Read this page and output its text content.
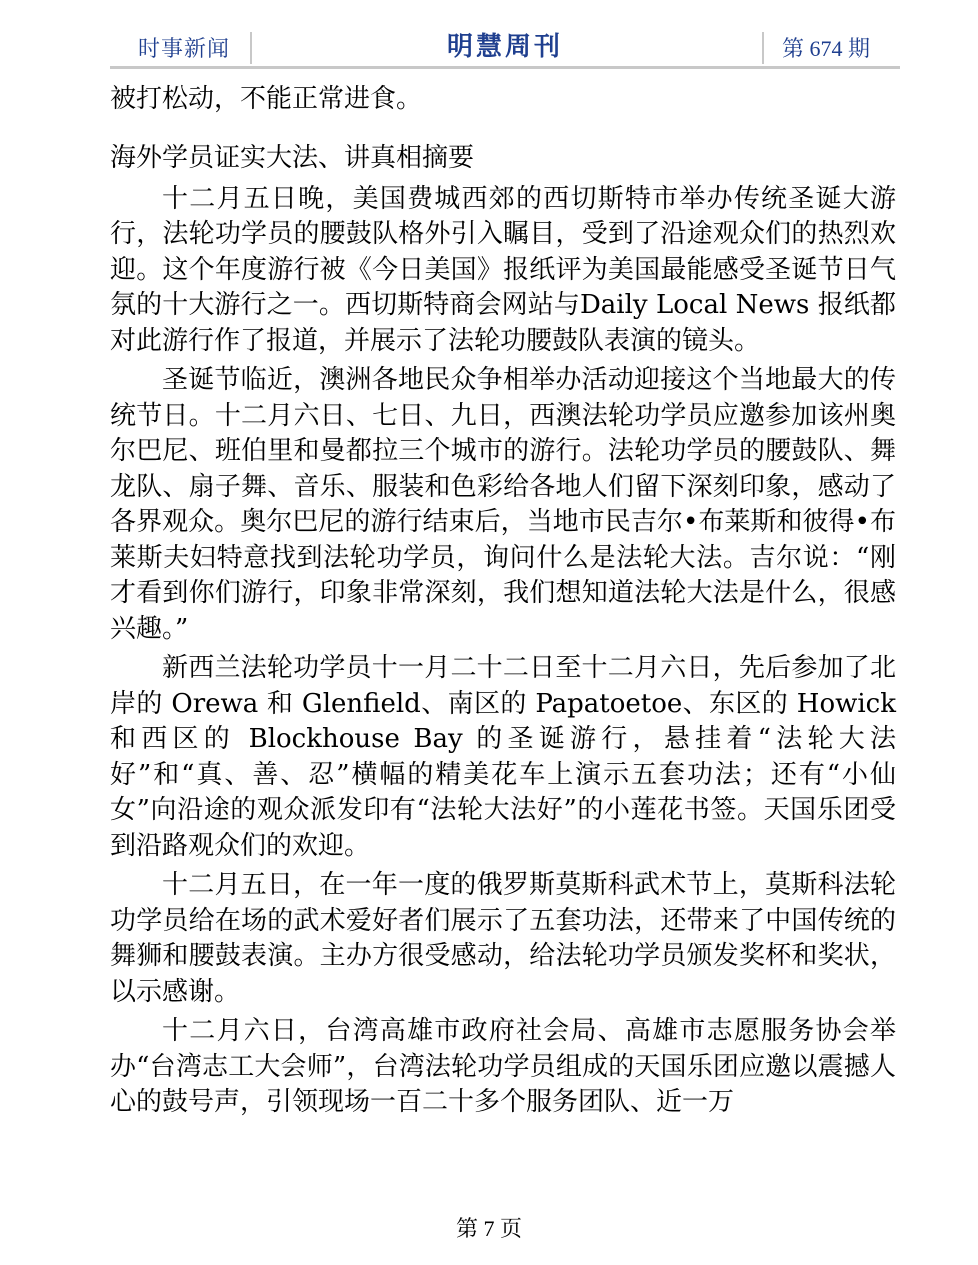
时事新闻	明慧周刊	第 674 期

被打松动，不能正常进食。

海外学员证实大法、讲真相摘要

十二月五日晚，美国费城西郊的西切斯特市举办传统圣诞大游行，法轮功学员的腰鼓队格外引入瞩目，受到了沿途观众们的热烈欢迎。这个年度游行被《今日美国》报纸评为美国最能感受圣诞节日气氛的十大游行之一。西切斯特商会网站与Daily Local News 报纸都对此游行作了报道，并展示了法轮功腰鼓队表演的镜头。

圣诞节临近，澳洲各地民众争相举办活动迎接这个当地最大的传统节日。十二月六日、七日、九日，西澳法轮功学员应邀参加该州奥尔巴尼、班伯里和曼都拉三个城市的游行。法轮功学员的腰鼓队、舞龙队、扇子舞、音乐、服装和色彩给各地人们留下深刻印象，感动了各界观众。奥尔巴尼的游行结束后，当地市民吉尔•布莱斯和彼得•布莱斯夫妇特意找到法轮功学员，询问什么是法轮大法。吉尔说：“刚才看到你们游行，印象非常深刻，我们想知道法轮大法是什么，很感兴趣。”

新西兰法轮功学员十一月二十二日至十二月六日，先后参加了北岸的 Orewa 和 Glenfield、南区的 Papatoetoe、东区的 Howick 和西区的 Blockhouse Bay 的圣诞游行，悬挂着“法轮大法好”和“真、善、忍”横幅的精美花车上演示五套功法；还有“小仙女”向沿途的观众派发印有“法轮大法好”的小莲花书签。天国乐团受到沿路观众们的欢迎。

十二月五日，在一年一度的俄罗斯莫斯科武术节上，莫斯科法轮功学员给在场的武术爱好者们展示了五套功法，还带来了中国传统的舞狮和腰鼓表演。主办方很受感动，给法轮功学员颁发奖杯和奖状，以示感谢。

十二月六日，台湾高雄市政府社会局、高雄市志愿服务协会举办“台湾志工大会师”，台湾法轮功学员组成的天国乐团应邀以震撼人心的鼓号声，引领现场一百二十多个服务团队、近一万

第 7 页
